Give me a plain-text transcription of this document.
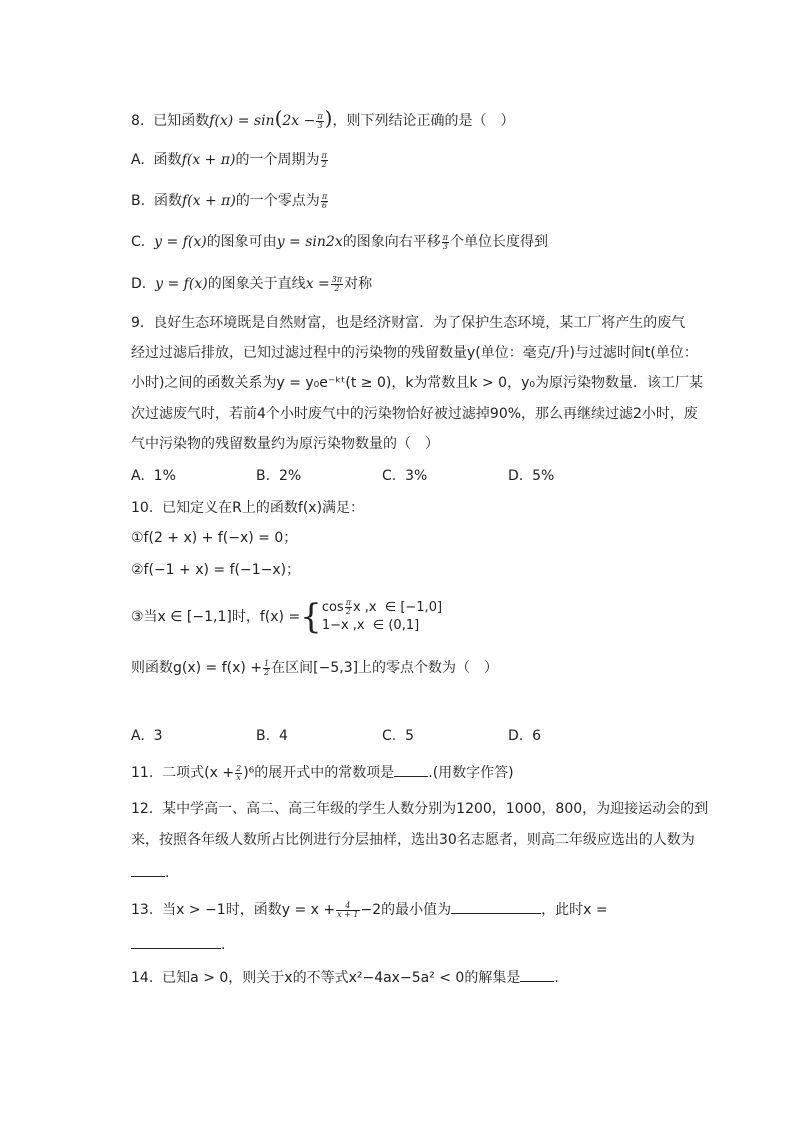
8.  已知函数$f(x) = \sin(2x - \frac{\pi}{3}$ )，则下列结论正确的是（　）
A.  函数f(x + π)的一个周期为 $\frac{\pi}{2}$
B.  函数f(x + π)的一个零点为 $\frac{\pi}{6}$
C.  y = f(x)的图象可由y = sin2x的图象向右平移 $\frac{\pi}{3}$ 个单位长度得到
D.  y = f(x)的图象关于直线$x = \frac{3\pi}{2}$ 对称
9.  良好生态环境既是自然财富，也是经济财富．为了保护生态环境，某工厂将产生的废气
经过过滤后排放，已知过滤过程中的污染物的残留数量y(单位：毫克/升)与过滤时间t(单位：
小时)之间的函数关系为y = y₀e⁻ᵏᵗ(t ≥ 0)，k为常数且k > 0，y₀为原污染物数量．该工厂某
次过滤废气时，若前4个小时废气中的污染物恰好被过滤掉90%，那么再继续过滤2小时，废
气中污染物的残留数量约为原污染物数量的（　）
A.  1%	B.  2%	C.  3%	D.  5%
10.  已知定义在R上的函数f(x)满足：
①f(2 + x) + f(−x) = 0；
②f(−1 + x) = f(−1−x)；
③当x ∈ [−1,1]时，f(x) ={ $\cos \frac{\pi}{2}$ x ,x  ∈ [−1,0]
1−x ,x  ∈ (0,1]
则函数$g(x) = f(x) + \frac{1}{2}$ 在区间[−5,3]上的零点个数为（　）
A.  3	B.  4	C.  5	D.  6
11.  二项式$(x + \frac{2}{x} )^6$的展开式中的常数项是 .(用数字作答)
12.  某中学高一、高二、高三年级的学生人数分别为1200，1000，800，为迎接运动会的到
来，按照各年级人数所占比例进行分层抽样，选出30名志愿者，则高二年级应选出的人数为
.
13.  当x > −1时，函数$y = x + \frac{4}{x + 1} -2$的最小值为	，此时x =
.
14.  已知a > 0，则关于x的不等式x²−4ax−5a² < 0的解集是 .
